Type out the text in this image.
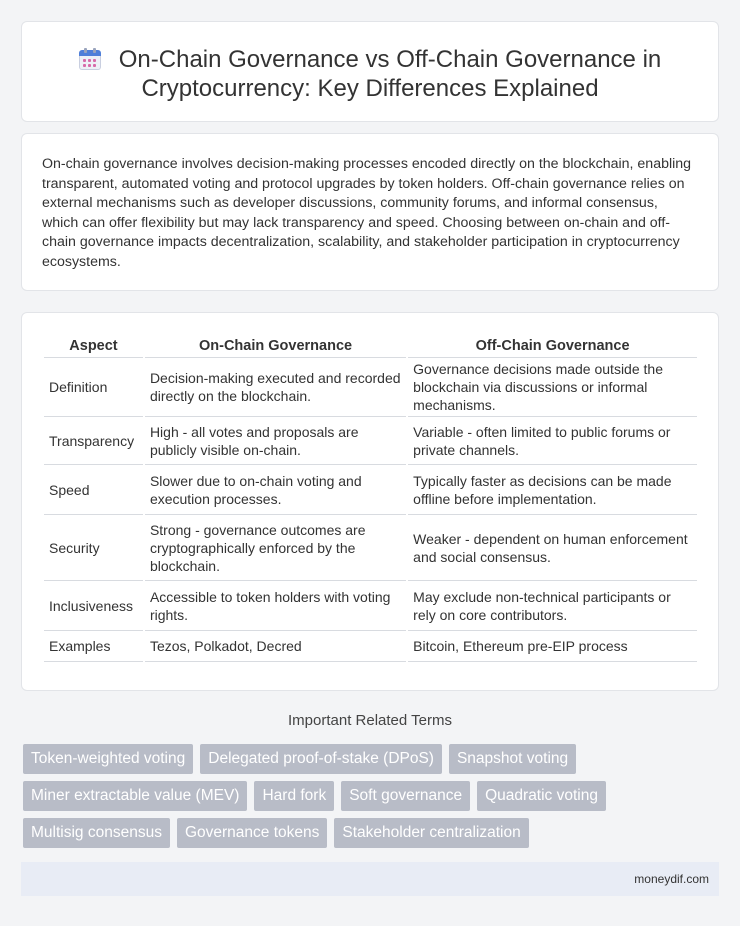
On-Chain Governance vs Off-Chain Governance in Cryptocurrency: Key Differences Explained

On-chain governance involves decision-making processes encoded directly on the blockchain, enabling transparent, automated voting and protocol upgrades by token holders. Off-chain governance relies on external mechanisms such as developer discussions, community forums, and informal consensus, which can offer flexibility but may lack transparency and speed. Choosing between on-chain and off-chain governance impacts decentralization, scalability, and stakeholder participation in cryptocurrency ecosystems.

Aspect	On-Chain Governance	Off-Chain Governance
Definition	Decision-making executed and recorded directly on the blockchain.	Governance decisions made outside the blockchain via discussions or informal mechanisms.
Transparency	High - all votes and proposals are publicly visible on-chain.	Variable - often limited to public forums or private channels.
Speed	Slower due to on-chain voting and execution processes.	Typically faster as decisions can be made offline before implementation.
Security	Strong - governance outcomes are cryptographically enforced by the blockchain.	Weaker - dependent on human enforcement and social consensus.
Inclusiveness	Accessible to token holders with voting rights.	May exclude non-technical participants or rely on core contributors.
Examples	Tezos, Polkadot, Decred	Bitcoin, Ethereum pre-EIP process
Important Related Terms
Token-weighted voting	Delegated proof-of-stake (DPoS)	Snapshot voting
Miner extractable value (MEV)	Hard fork	Soft governance	Quadratic voting
Multisig consensus	Governance tokens	Stakeholder centralization
moneydif.com
